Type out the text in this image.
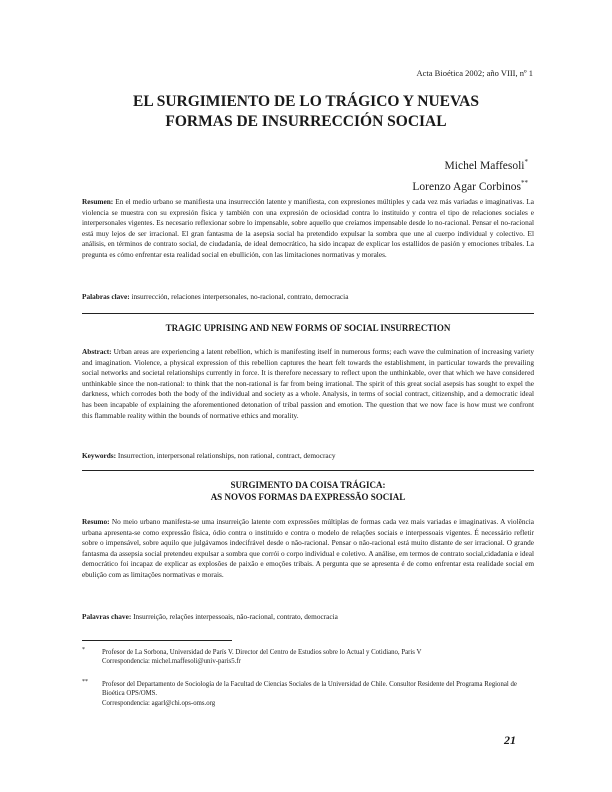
Acta Bioética 2002; año VIII, nº 1
EL SURGIMIENTO DE LO TRÁGICO Y NUEVAS
FORMAS DE INSURRECCIÓN SOCIAL
Michel Maffesoli*
Lorenzo Agar Corbinos**
Resumen: En el medio urbano se manifiesta una insurrección latente y manifiesta, con expresiones múltiples y cada vez más variadas e imaginativas. La violencia se muestra con su expresión física y también con una expresión de ociosidad contra lo instituido y contra el tipo de relaciones sociales e interpersonales vigentes. Es necesario reflexionar sobre lo impensable, sobre aquello que creíamos impensable desde lo no-racional. Pensar el no-racional está muy lejos de ser irracional. El gran fantasma de la asepsia social ha pretendido expulsar la sombra que une al cuerpo individual y colectivo. El análisis, en términos de contrato social, de ciudadanía, de ideal democrático, ha sido incapaz de explicar los estallidos de pasión y emociones tribales. La pregunta es cómo enfrentar esta realidad social en ebullición, con las limitaciones normativas y morales.
Palabras clave: insurrección, relaciones interpersonales, no-racional, contrato, democracia
TRAGIC UPRISING AND NEW FORMS OF SOCIAL INSURRECTION
Abstract: Urban areas are experiencing a latent rebellion, which is manifesting itself in numerous forms; each wave the culmination of increasing variety and imagination. Violence, a physical expression of this rebellion captures the heart felt towards the establishment, in particular towards the prevailing social networks and societal relationships currently in force. It is therefore necessary to reflect upon the unthinkable, over that which we have considered unthinkable since the non-rational: to think that the non-rational is far from being irrational. The spirit of this great social asepsis has sought to expel the darkness, which corrodes both the body of the individual and society as a whole. Analysis, in terms of social contract, citizenship, and a democratic ideal has been incapable of explaining the aforementioned detonation of tribal passion and emotion. The question that we now face is how must we confront this flammable reality within the bounds of normative ethics and morality.
Keywords: Insurrection, interpersonal relationships, non rational, contract, democracy
SURGIMENTO DA COISA TRÁGICA:
AS NOVOS FORMAS DA EXPRESSÃO SOCIAL
Resumo: No meio urbano manifesta-se uma insurreição latente com expressões múltiplas de formas cada vez mais variadas e imaginativas. A violência urbana apresenta-se como expressão física, ódio contra o instituído e contra o modelo de relações sociais e interpessoais vigentes. É necessário refletir sobre o impensável, sobre aquilo que julgávamos indecifrável desde o não-racional. Pensar o não-racional está muito distante de ser irracional. O grande fantasma da assepsia social pretendeu expulsar a sombra que corrói o corpo individual e coletivo. A análise, em termos de contrato social,cidadania e ideal democrático foi incapaz de explicar as explosões de paixão e emoções tribais. A pergunta que se apresenta é de como enfrentar esta realidade social em ebulição com as limitações normativas e morais.
Palavras chave: Insurreição, relações interpessoais, não-racional, contrato, democracia
*	Profesor de La Sorbona, Universidad de París V. Director del Centro de Estudios sobre lo Actual y Cotidiano, Paris V
Correspondencia: michel.maffesoli@univ-paris5.fr
** Profesor del Departamento de Sociología de la Facultad de Ciencias Sociales de la Universidad de Chile. Consultor Residente del Programa Regional de Bioética OPS/OMS.
Correspondencia: agarl@chi.ops-oms.org
21
